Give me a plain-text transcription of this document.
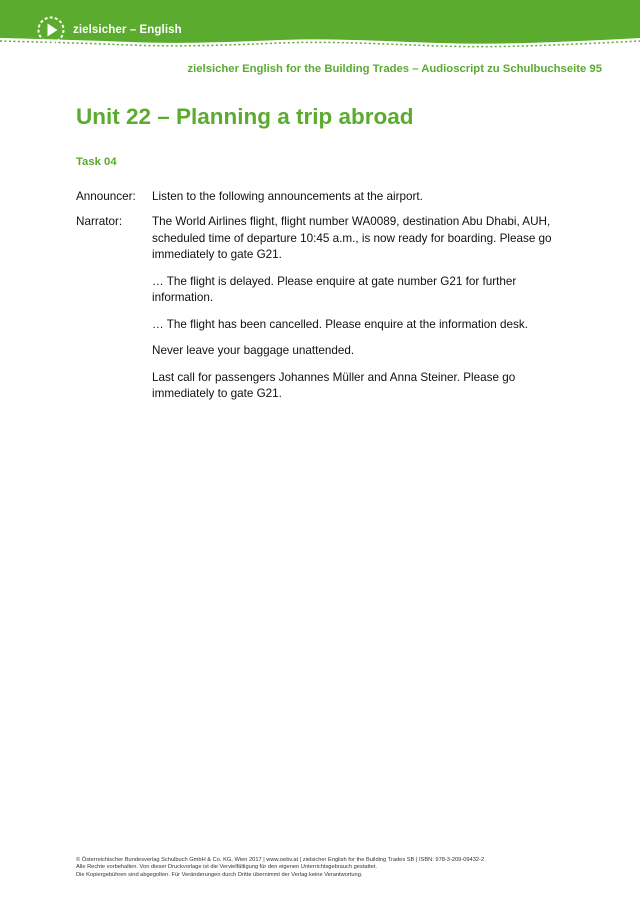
zielsicher – English
zielsicher English for the Building Trades – Audioscript zu Schulbuchseite 95
Unit 22 – Planning a trip abroad
Task 04
Announcer:	Listen to the following announcements at the airport.

Narrator:	The World Airlines flight, flight number WA0089, destination Abu Dhabi, AUH, scheduled time of departure 10:45 a.m., is now ready for boarding. Please go immediately to gate G21.

… The flight is delayed. Please enquire at gate number G21 for further information.

… The flight has been cancelled. Please enquire at the information desk.

Never leave your baggage unattended.

Last call for passengers Johannes Müller and Anna Steiner. Please go immediately to gate G21.

© Österreichischer Bundesverlag Schulbuch GmbH & Co. KG, Wien 2017 | www.oebv.at | zielsicher English for the Building Trades SB | ISBN: 978-3-209-09432-2
Alle Rechte vorbehalten. Von dieser Druckvorlage ist die Vervielfältigung für den eigenen Unterrichtsgebrauch gestattet.
Die Kopiergebühren sind abgegolten. Für Veränderungen durch Dritte übernimmt der Verlag keine Verantwortung.
